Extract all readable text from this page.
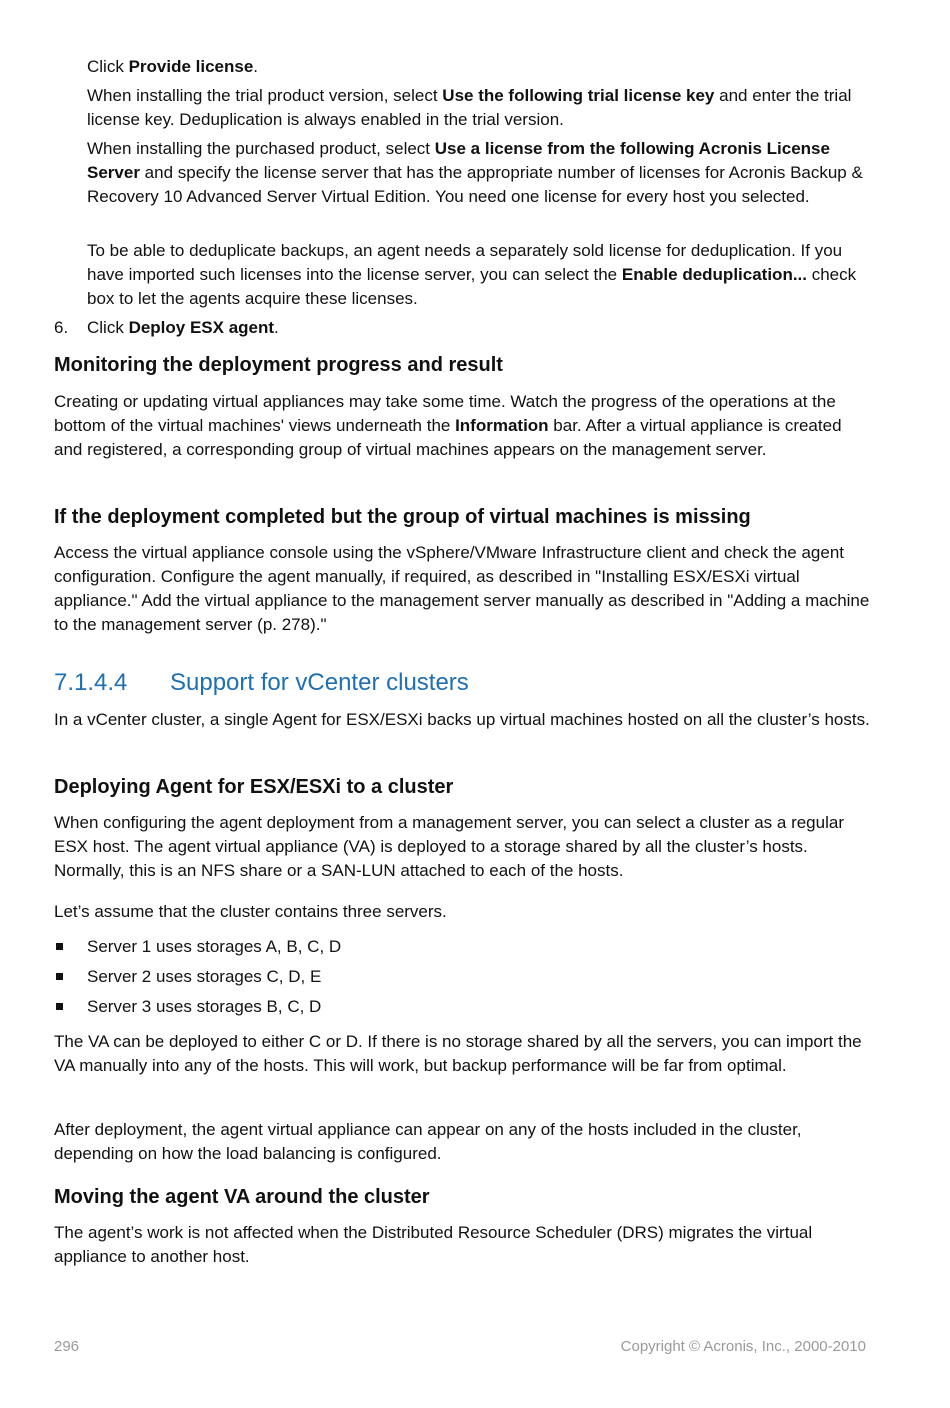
Click Provide license.

When installing the trial product version, select Use the following trial license key and enter the trial license key. Deduplication is always enabled in the trial version.

When installing the purchased product, select Use a license from the following Acronis License Server and specify the license server that has the appropriate number of licenses for Acronis Backup & Recovery 10 Advanced Server Virtual Edition. You need one license for every host you selected.

To be able to deduplicate backups, an agent needs a separately sold license for deduplication. If you have imported such licenses into the license server, you can select the Enable deduplication... check box to let the agents acquire these licenses.

6. Click Deploy ESX agent.
Monitoring the deployment progress and result

Creating or updating virtual appliances may take some time. Watch the progress of the operations at the bottom of the virtual machines' views underneath the Information bar. After a virtual appliance is created and registered, a corresponding group of virtual machines appears on the management server.

If the deployment completed but the group of virtual machines is missing

Access the virtual appliance console using the vSphere/VMware Infrastructure client and check the agent configuration. Configure the agent manually, if required, as described in "Installing ESX/ESXi virtual appliance." Add the virtual appliance to the management server manually as described in "Adding a machine to the management server (p. 278)."

7.1.4.4 Support for vCenter clusters

In a vCenter cluster, a single Agent for ESX/ESXi backs up virtual machines hosted on all the cluster’s hosts.

Deploying Agent for ESX/ESXi to a cluster

When configuring the agent deployment from a management server, you can select a cluster as a regular ESX host. The agent virtual appliance (VA) is deployed to a storage shared by all the cluster’s hosts. Normally, this is an NFS share or a SAN-LUN attached to each of the hosts.

Let’s assume that the cluster contains three servers.

Server 1 uses storages A, B, C, D
Server 2 uses storages C, D, E
Server 3 uses storages B, C, D

The VA can be deployed to either C or D. If there is no storage shared by all the servers, you can import the VA manually into any of the hosts. This will work, but backup performance will be far from optimal.

After deployment, the agent virtual appliance can appear on any of the hosts included in the cluster, depending on how the load balancing is configured.

Moving the agent VA around the cluster

The agent’s work is not affected when the Distributed Resource Scheduler (DRS) migrates the virtual appliance to another host.

296	Copyright © Acronis, Inc., 2000-2010
